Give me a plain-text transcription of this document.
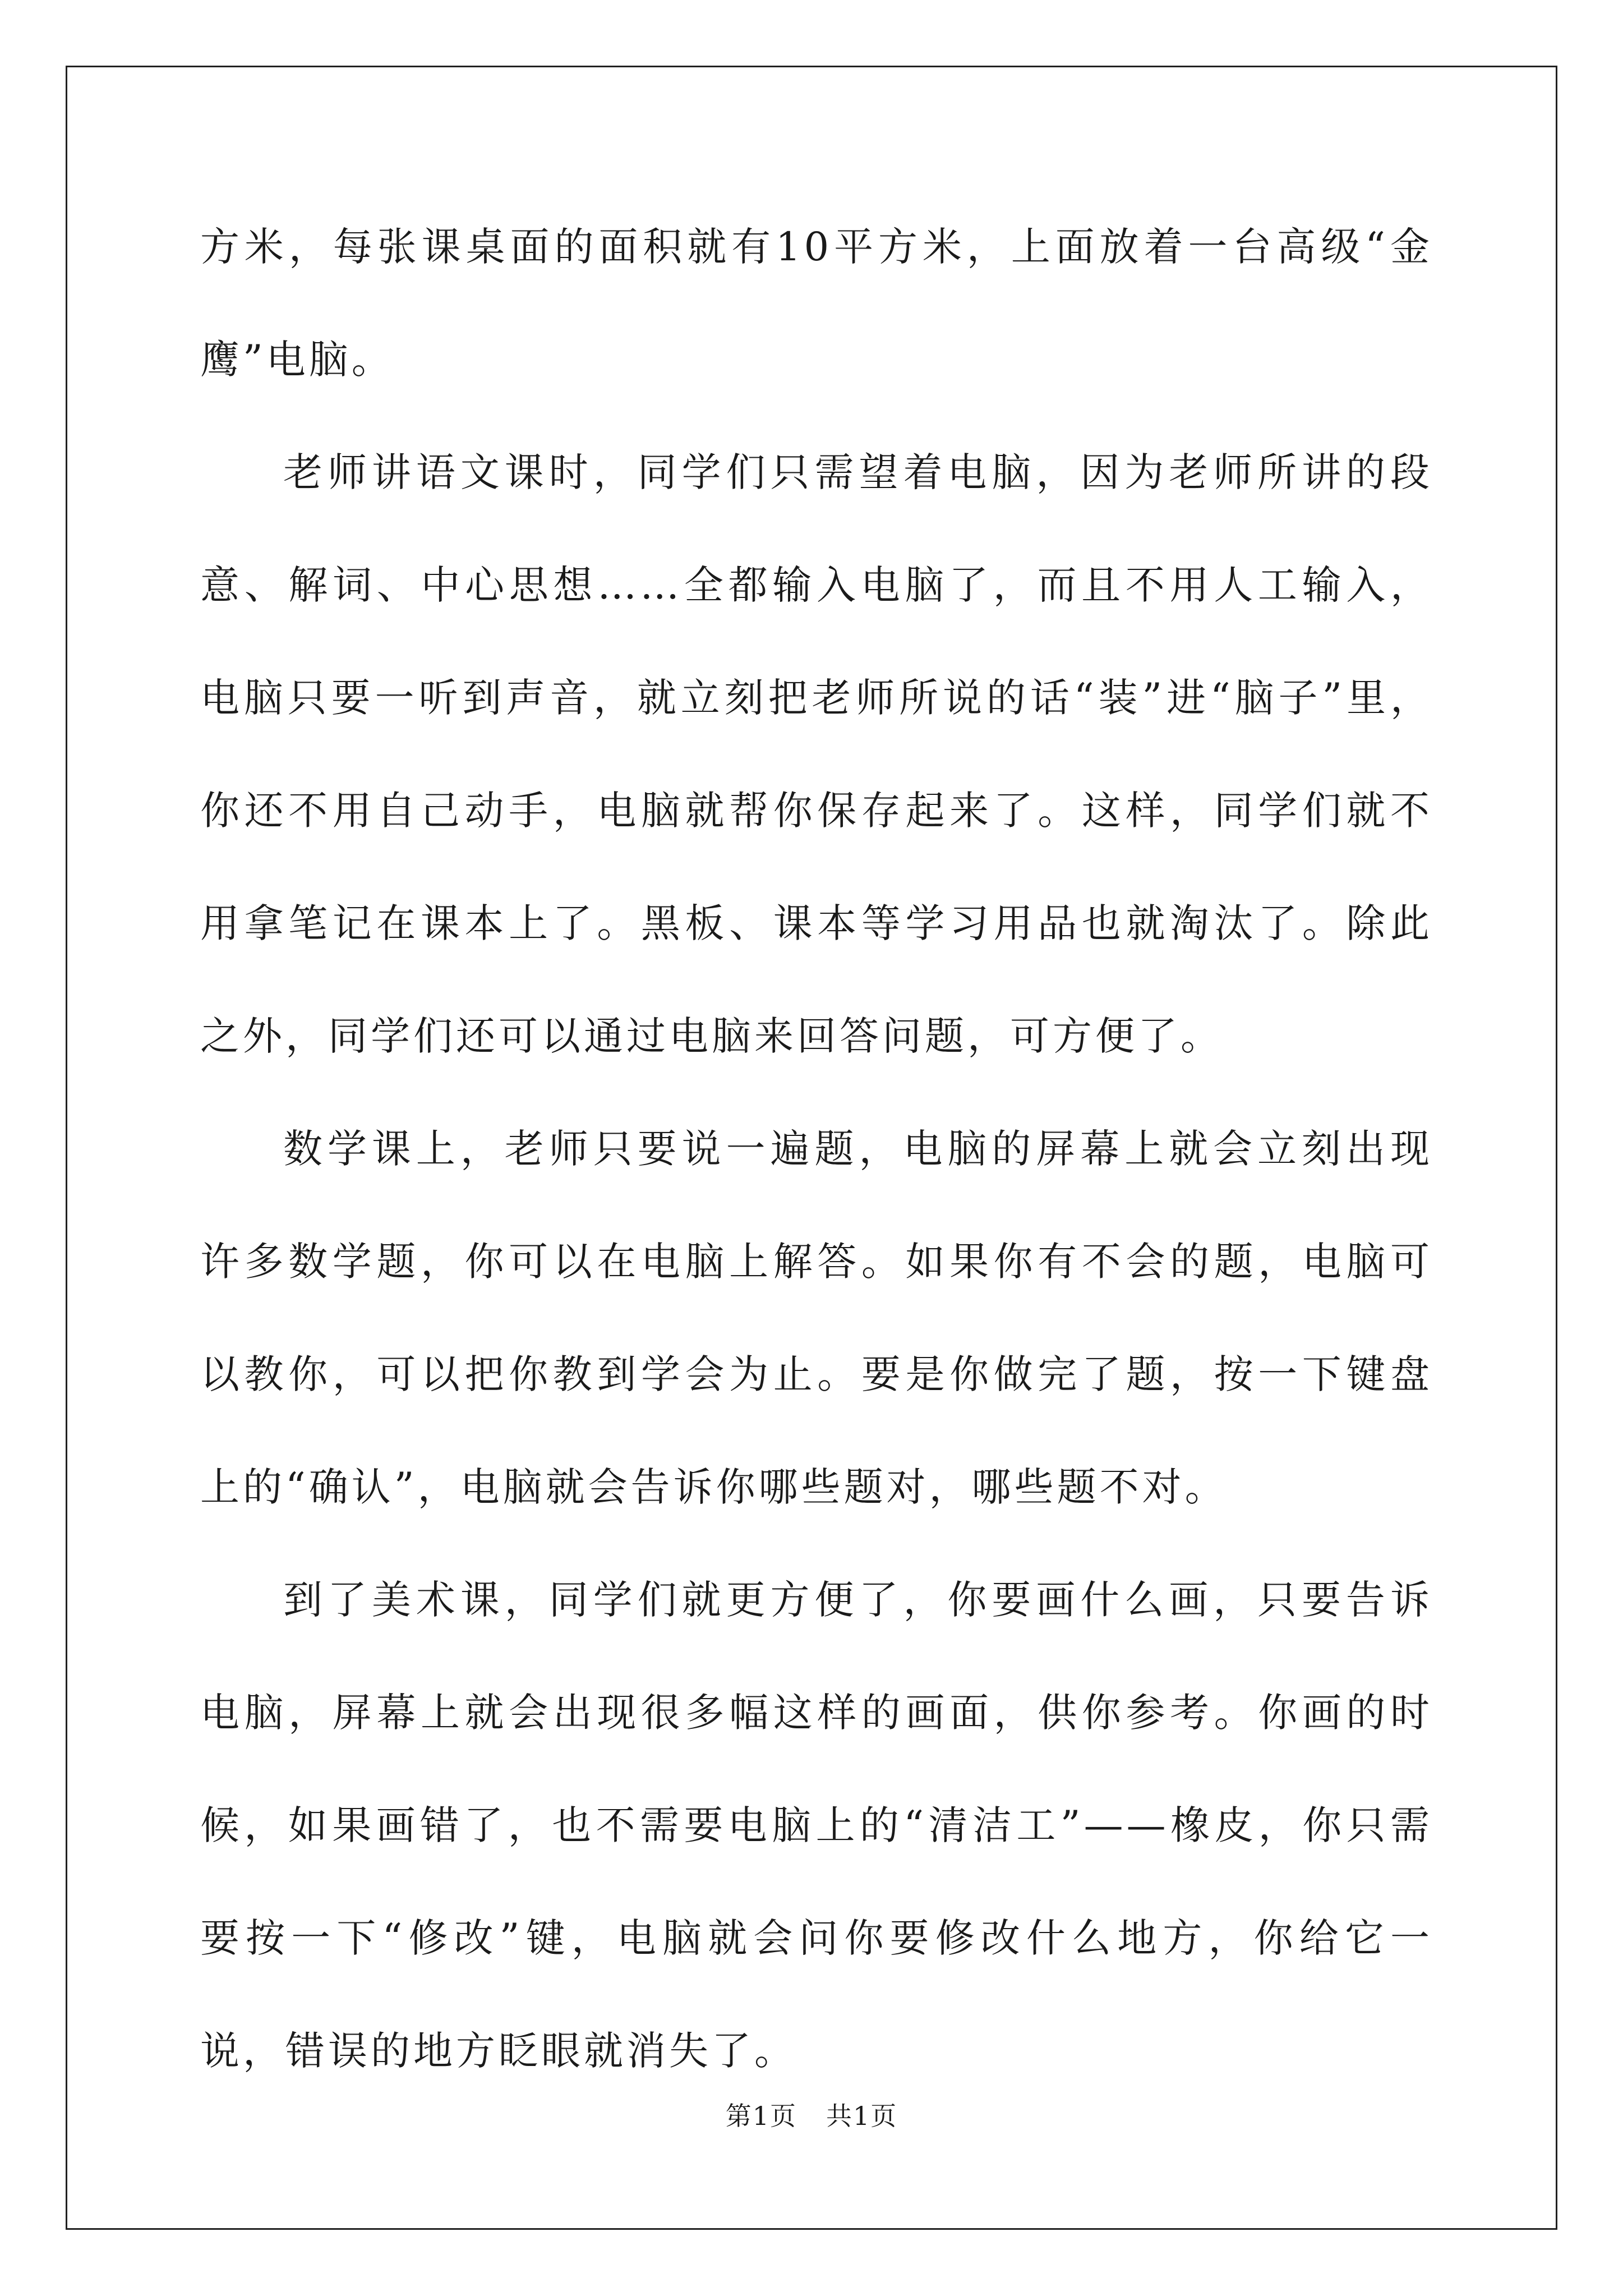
方米，每张课桌面的面积就有10平方米，上面放着一台高级“金鹰”电脑。

老师讲语文课时，同学们只需望着电脑，因为老师所讲的段意、解词、中心思想……全都输入电脑了，而且不用人工输入，电脑只要一听到声音，就立刻把老师所说的话“装”进“脑子”里，你还不用自己动手，电脑就帮你保存起来了。这样，同学们就不用拿笔记在课本上了。黑板、课本等学习用品也就淘汰了。除此之外，同学们还可以通过电脑来回答问题，可方便了。

数学课上，老师只要说一遍题，电脑的屏幕上就会立刻出现许多数学题，你可以在电脑上解答。如果你有不会的题，电脑可以教你，可以把你教到学会为止。要是你做完了题，按一下键盘上的“确认”，电脑就会告诉你哪些题对，哪些题不对。

到了美术课，同学们就更方便了，你要画什么画，只要告诉电脑，屏幕上就会出现很多幅这样的画面，供你参考。你画的时候，如果画错了，也不需要电脑上的“清洁工”——橡皮，你只需要按一下“修改”键，电脑就会问你要修改什么地方，你给它一说，错误的地方眨眼就消失了。

第1页 共1页
